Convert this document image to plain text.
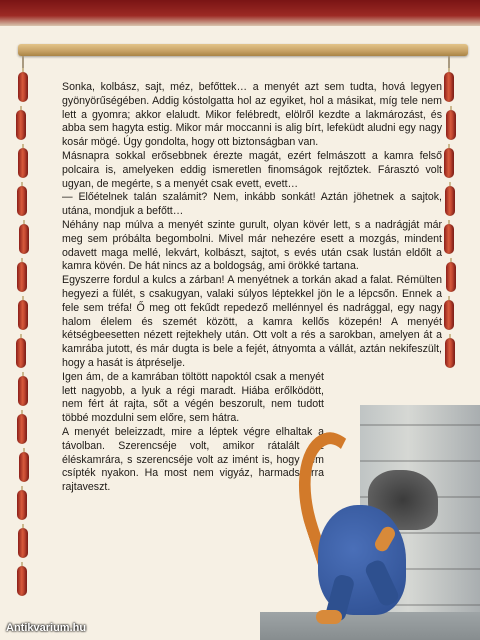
Sonka, kolbász, sajt, méz, befőttek… a menyét azt sem tudta, hová legyen gyönyörűségében. Addig kóstolgatta hol az egyiket, hol a másikat, míg tele nem lett a gyomra; akkor elaludt. Mikor felébredt, elölről kezdte a lakmározást, és abba sem hagyta estig. Mikor már moccanni is alig bírt, lefeküdt aludni egy nagy kosár mögé. Úgy gondolta, hogy ott biztonságban van.

Másnapra sokkal erősebbnek érezte magát, ezért felmászott a kamra felső polcaira is, amelyeken eddig ismeretlen finomságok rejtőztek. Fárasztó volt ugyan, de megérte, s a menyét csak evett, evett…

— Előételnek talán szalámit? Nem, inkább sonkát! Aztán jöhetnek a sajtok, utána, mondjuk a befőtt…

Néhány nap múlva a menyét szinte gurult, olyan kövér lett, s a nadrágját már meg sem próbálta begombolni. Mivel már nehezére esett a mozgás, mindent odavett maga mellé, lekvárt, kolbászt, sajtot, s evés után csak lustán eldőlt a kamra kövén. De hát nincs az a boldogság, ami örökké tartana.

Egyszerre fordul a kulcs a zárban! A menyétnek a torkán akad a falat. Rémülten hegyezi a fülét, s csakugyan, valaki súlyos léptekkel jön le a lépcsőn. Ennek a fele sem tréfa! Ő meg ott fekűdt repedező mellénnyel és nadrággal, egy nagy halom élelem és szemét között, a kamra kellős közepén! A menyét kétségbeesetten nézett rejtekhely után. Ott volt a rés a sarokban, amelyen át a kamrába jutott, és már dugta is bele a fejét, átnyomta a vállát, aztán nekifeszült, hogy a hasát is átpréselje.

Igen ám, de a kamrában töltött napoktól csak a menyét lett nagyobb, a lyuk a régi maradt. Hiába erőlködött, nem fért át rajta, sőt a végén beszorult, nem tudott többé mozdulni sem előre, sem hátra.

A menyét beleizzadt, mire a léptek végre elhaltak a távolban. Szerencséje volt, amikor rátalált az éléskamrára, s szerencséje volt az imént is, hogy nem csípték nyakon. Ha most nem vigyáz, harmadszorra rajtaveszt.

Antikvarium.hu
